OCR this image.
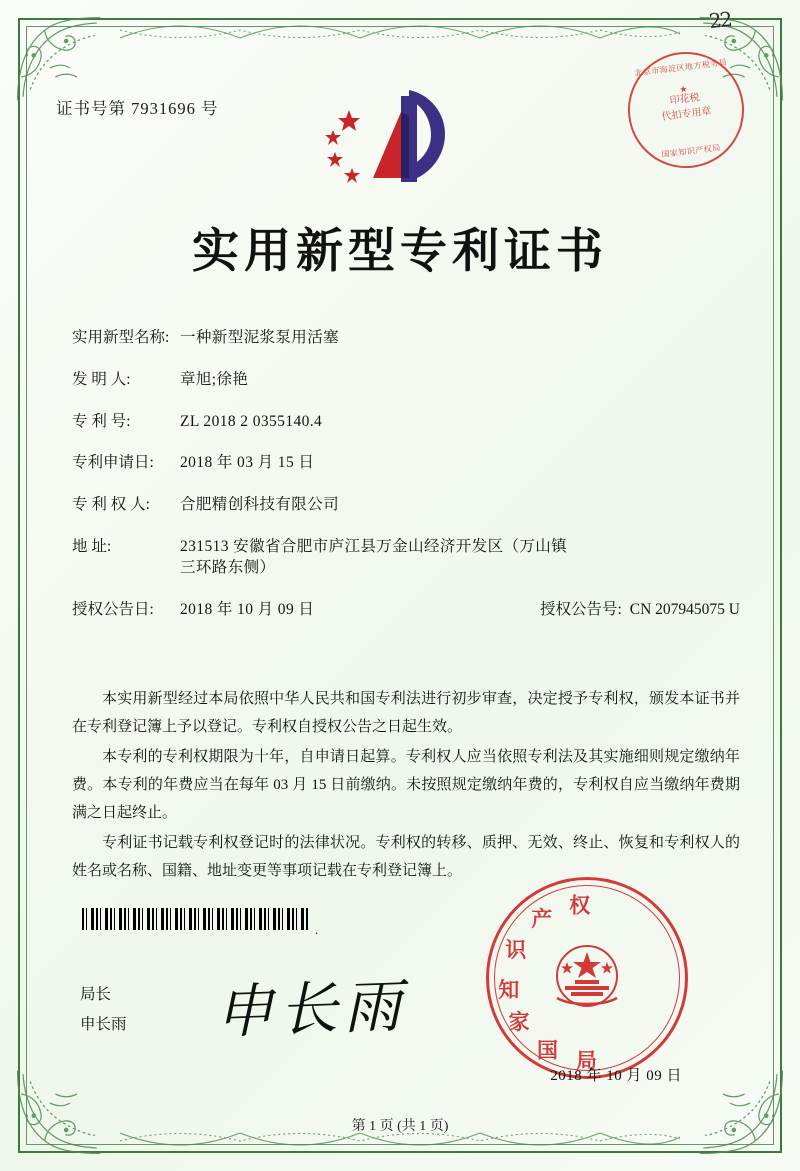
22
证书号第 7931696 号
北京市海淀区地方税务局
★
印花税
代扣专用章
国家知识产权局
实用新型专利证书
实用新型名称: 一种新型泥浆泵用活塞
发 明 人:	章旭;徐艳
专 利 号:	ZL 2018 2 0355140.4
专利申请日:	2018 年 03 月 15 日
专 利 权 人:	合肥精创科技有限公司
地 址:	231513 安徽省合肥市庐江县万金山经济开发区（万山镇
三环路东侧）
授权公告日:	2018 年 10 月 09 日	授权公告号: CN 207945075 U

本实用新型经过本局依照中华人民共和国专利法进行初步审查，决定授予专利权，颁发本证书并在专利登记簿上予以登记。专利权自授权公告之日起生效。

本专利的专利权期限为十年，自申请日起算。专利权人应当依照专利法及其实施细则规定缴纳年费。本专利的年费应当在每年 03 月 15 日前缴纳。未按照规定缴纳年费的，专利权自应当缴纳年费期满之日起终止。

专利证书记载专利权登记时的法律状况。专利权的转移、质押、无效、终止、恢复和专利权人的姓名或名称、国籍、地址变更等事项记载在专利登记簿上。

.
局长
申长雨 申长雨
国
家
知
识
产
权
局
2018 年 10 月 09 日
第 1 页 (共 1 页)
